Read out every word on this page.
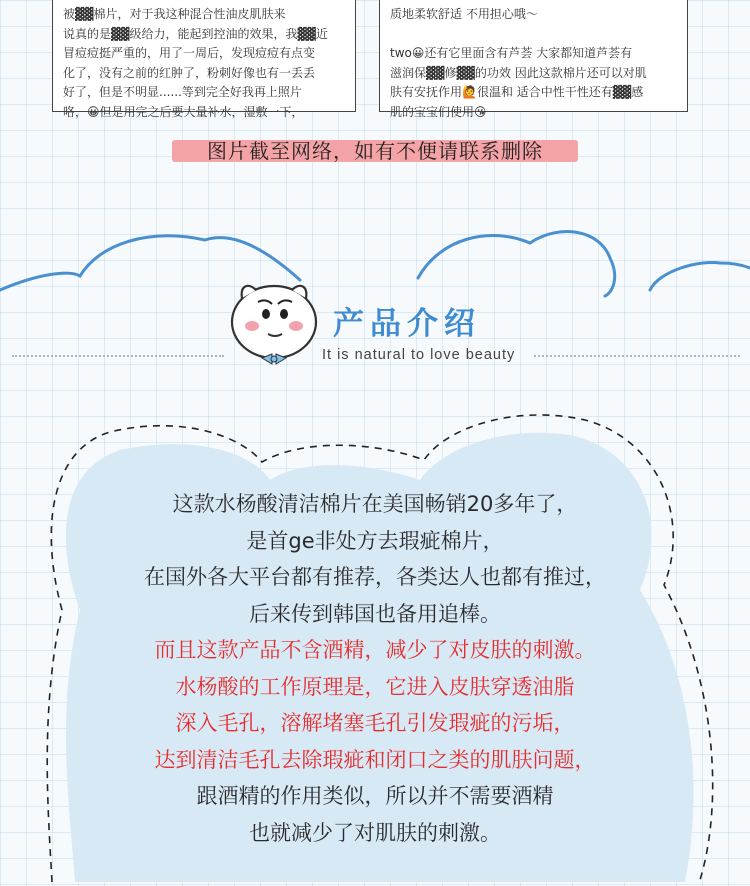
被▓▓棉片，对于我这种混合性油皮肌肤来

说真的是▓▓级给力，能起到控油的效果，我▓▓近

冒痘痘挺严重的，用了一周后，发现痘痘有点变

化了，没有之前的红肿了，粉刺好像也有一丢丢

好了，但是不明显......等到完全好我再上照片

咯，😀但是用完之后要大量补水，湿敷一下，

质地柔软舒适 不用担心哦～

two😀还有它里面含有芦荟 大家都知道芦荟有

滋润保▓▓修▓▓的功效 因此这款棉片还可以对肌

肤有安抚作用🙋很温和 适合中性干性还有▓▓感

肌的宝宝们使用😘

图片截至网络，如有不便请联系删除
产品介绍
It is natural to love beauty

这款水杨酸清洁棉片在美国畅销20多年了，

是首ge非处方去瑕疵棉片，

在国外各大平台都有推荐，各类达人也都有推过，

后来传到韩国也备用追棒。

而且这款产品不含酒精，减少了对皮肤的刺激。

水杨酸的工作原理是，它进入皮肤穿透油脂

深入毛孔，溶解堵塞毛孔引发瑕疵的污垢，

达到清洁毛孔去除瑕疵和闭口之类的肌肤问题，

跟酒精的作用类似，所以并不需要酒精

也就减少了对肌肤的刺激。
